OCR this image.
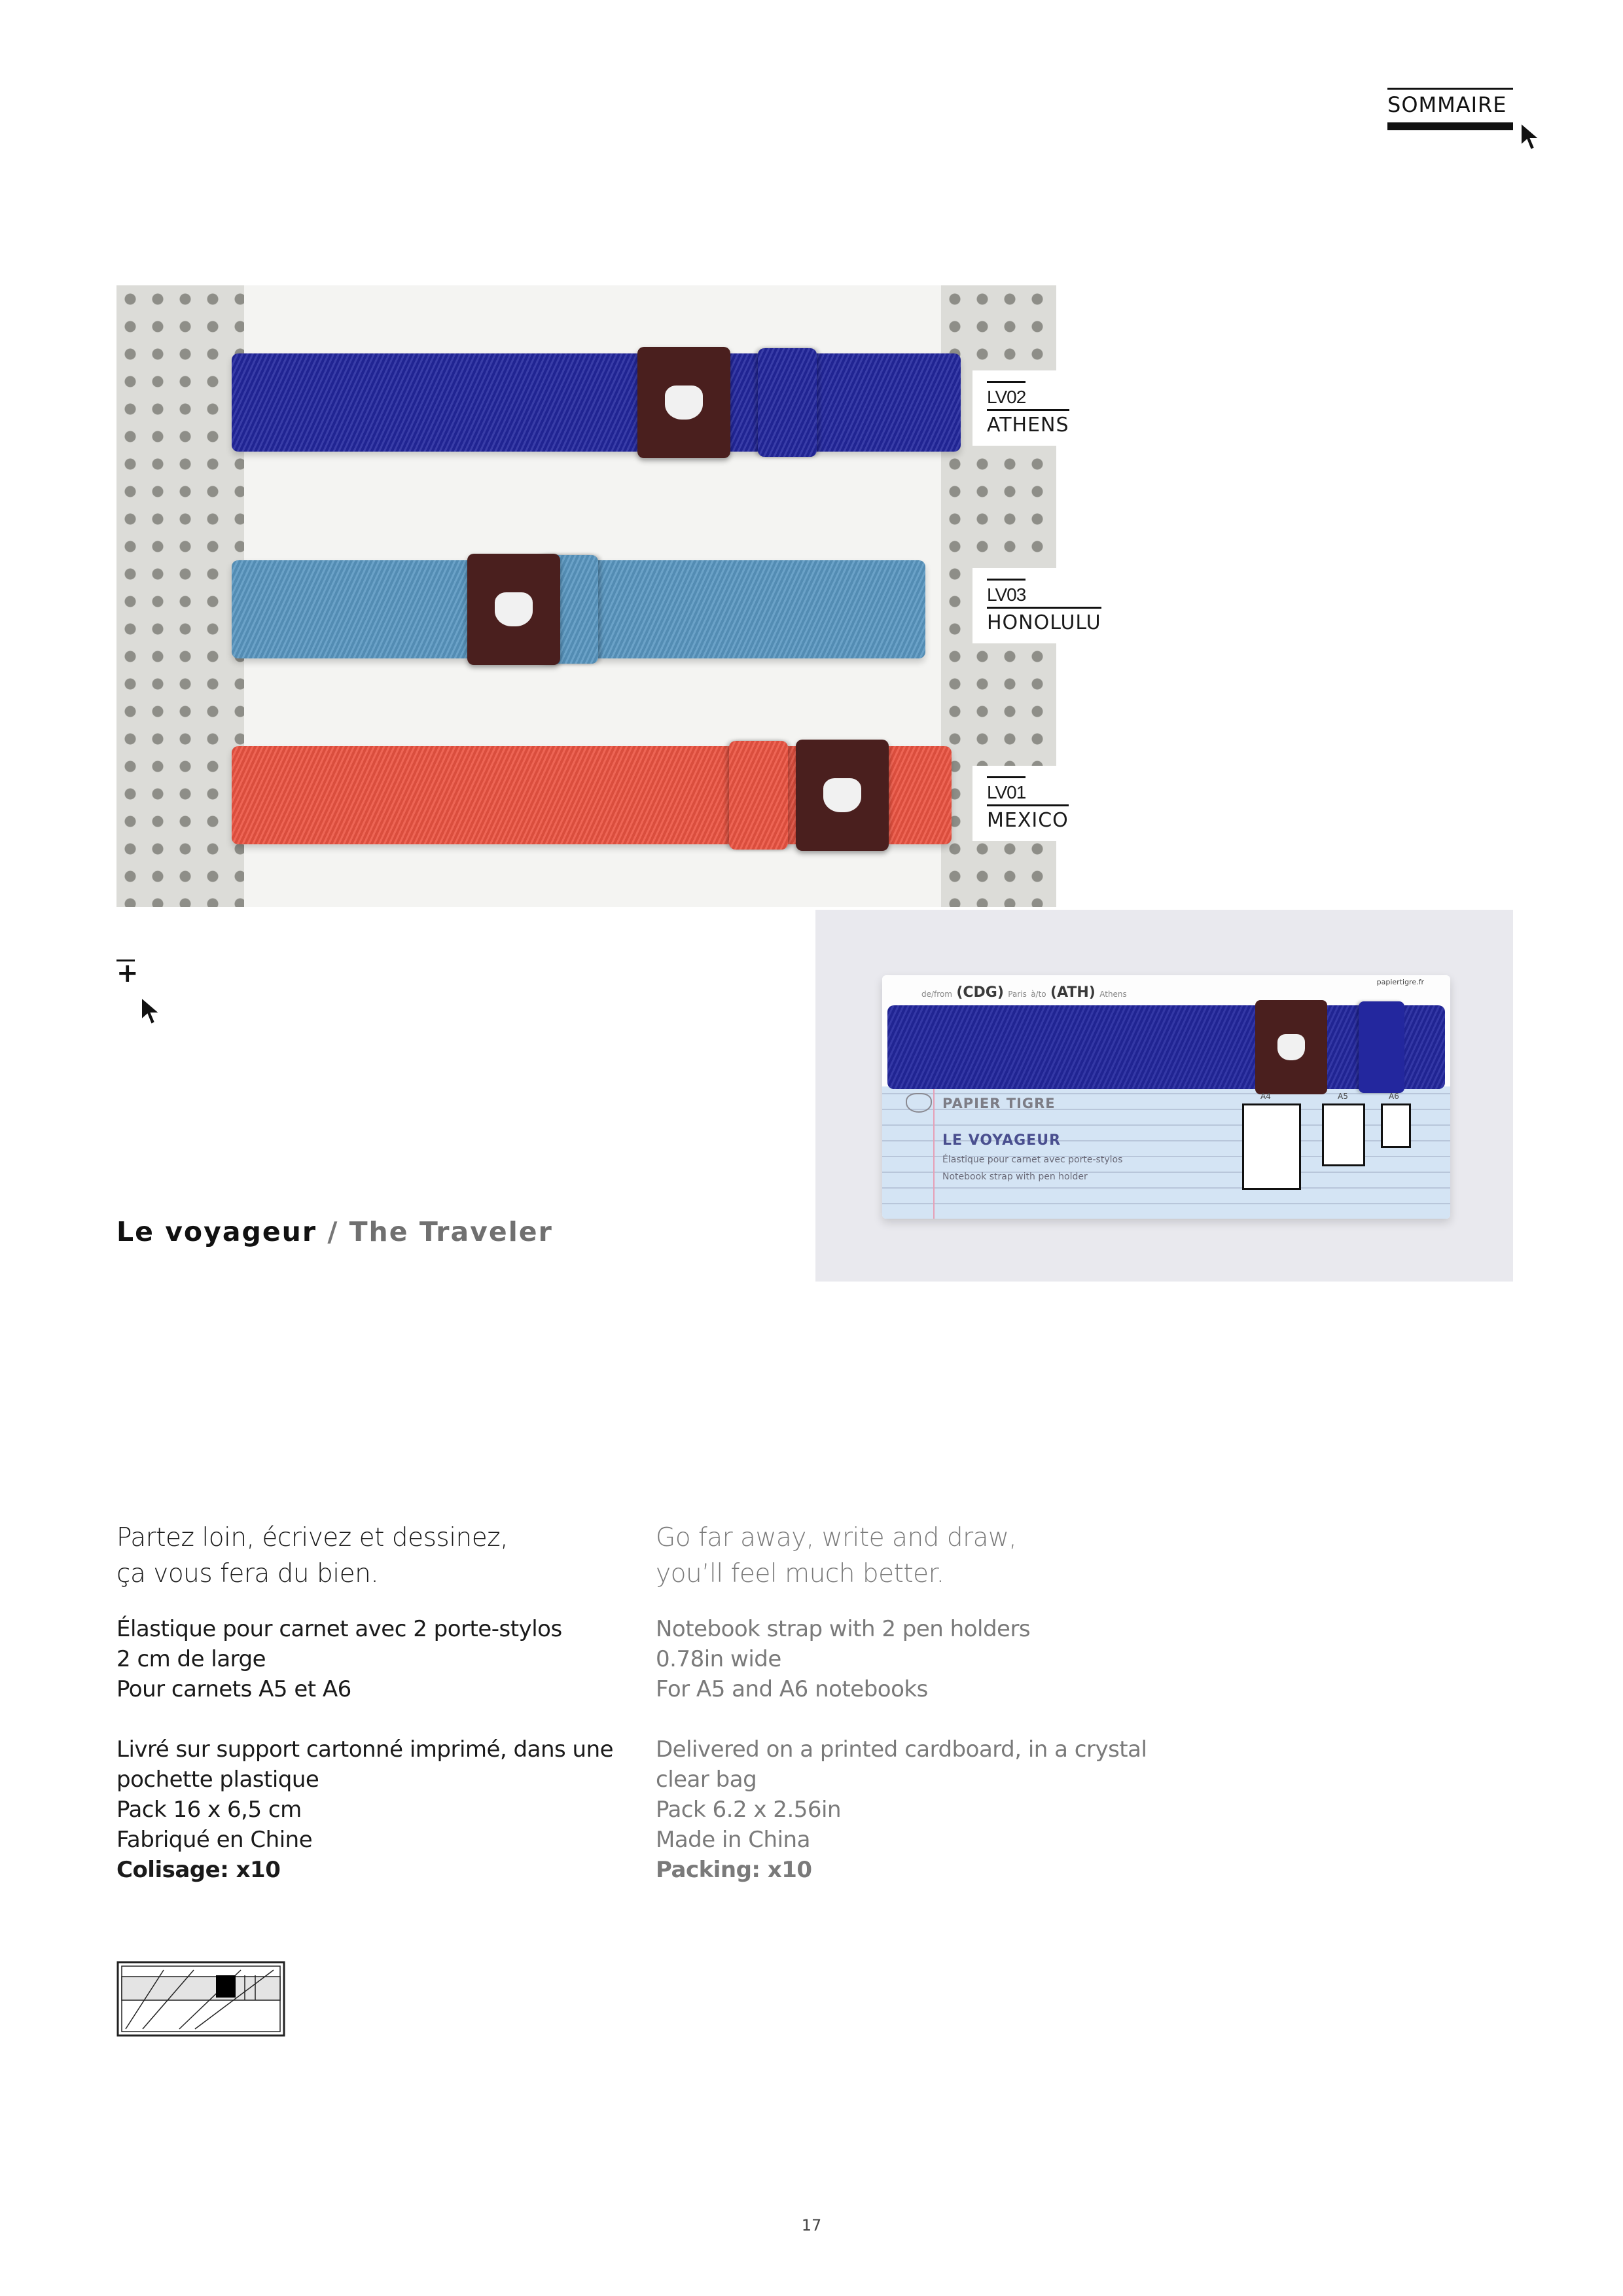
SOMMAIRE
LV02
ATHENS
LV03
HONOLULU
LV01
MEXICO
+
Le voyageur / The Traveler
de/from (CDG) Paris à/to (ATH) Athens
papiertigre.fr
PAPIER TIGRE
LE VOYAGEUR
Élastique pour carnet avec porte-stylos
Notebook strap with pen holder
A4	A5	A6
Partez loin, écrivez et dessinez,
ça vous fera du bien.
Élastique pour carnet avec 2 porte-stylos
2 cm de large
Pour carnets A5 et A6
Livré sur support cartonné imprimé, dans une
pochette plastique
Pack 16 x 6,5 cm
Fabriqué en Chine
Colisage: x10
Go far away, write and draw,
you’ll feel much better.
Notebook strap with 2 pen holders
0.78in wide
For A5 and A6 notebooks
Delivered on a printed cardboard, in a crystal
clear bag
Pack 6.2 x 2.56in
Made in China
Packing: x10
17
